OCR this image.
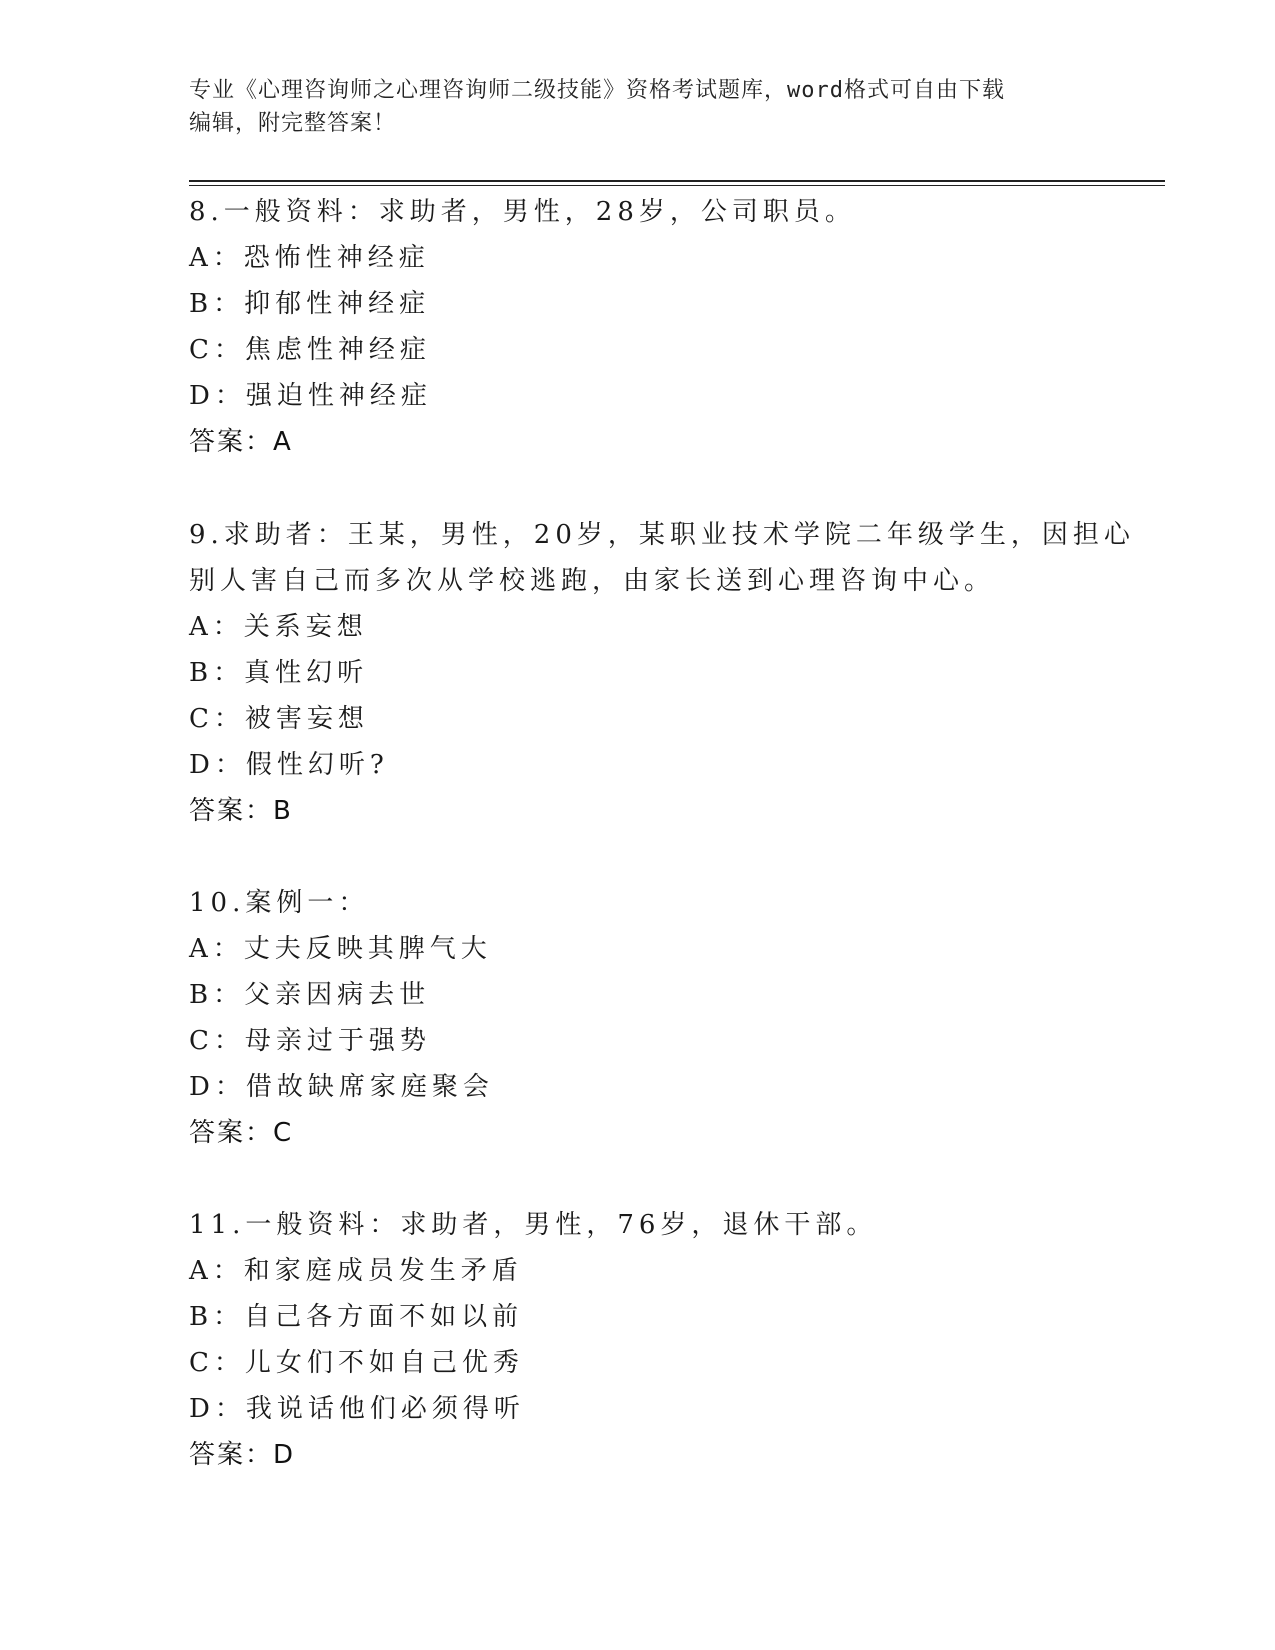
专业《心理咨询师之心理咨询师二级技能》资格考试题库，word格式可自由下载
编辑，附完整答案！
8.一般资料：求助者，男性，28岁，公司职员。
A：恐怖性神经症
B：抑郁性神经症
C：焦虑性神经症
D：强迫性神经症
答案：A
9.求助者：王某，男性，20岁，某职业技术学院二年级学生，因担心
别人害自己而多次从学校逃跑，由家长送到心理咨询中心。
A：关系妄想
B：真性幻听
C：被害妄想
D：假性幻听?
答案：B
10.案例一：
A：丈夫反映其脾气大
B：父亲因病去世
C：母亲过于强势
D：借故缺席家庭聚会
答案：C
11.一般资料：求助者，男性，76岁，退休干部。
A：和家庭成员发生矛盾
B：自己各方面不如以前
C：儿女们不如自己优秀
D：我说话他们必须得听
答案：D
